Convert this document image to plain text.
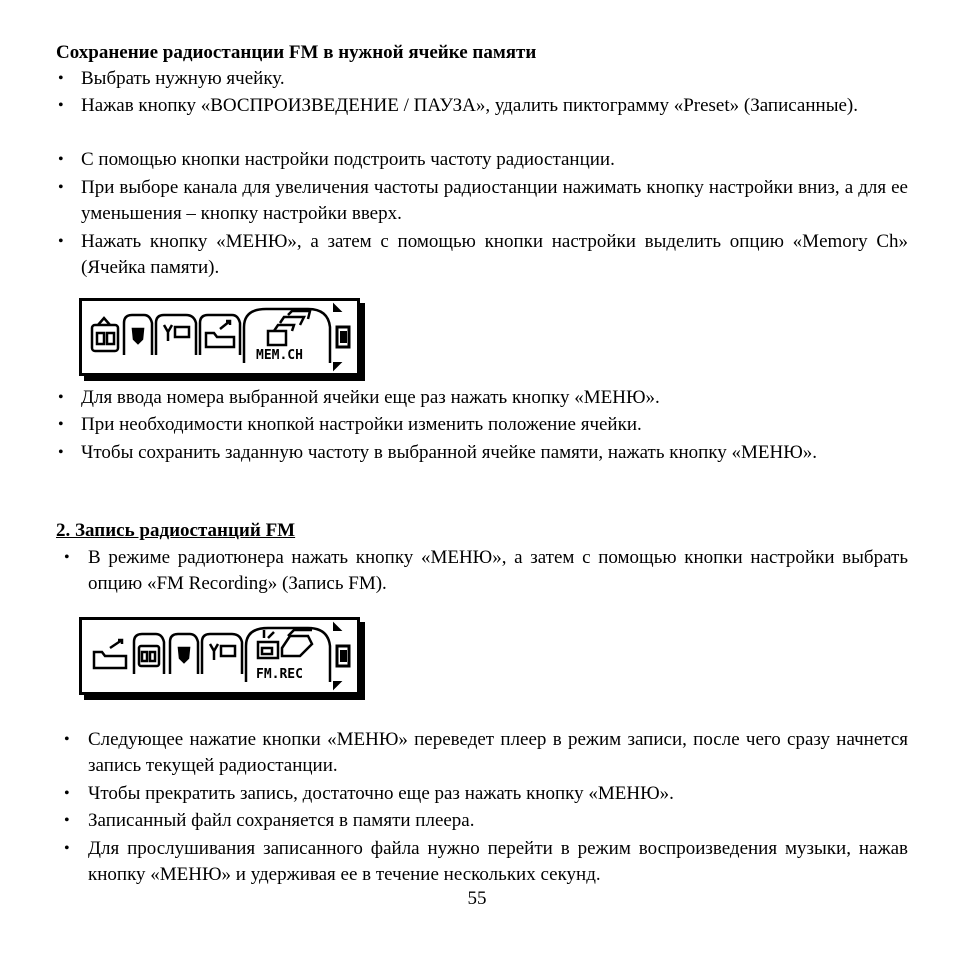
Сохранение радиостанции FM в нужной ячейке памяти
• Выбрать нужную ячейку.
• Нажав кнопку «ВОСПРОИЗВЕДЕНИЕ / ПАУЗА», удалить пиктограмму «Preset» (Записанные).
• С помощью кнопки настройки подстроить частоту радиостанции.
• При выборе канала для увеличения частоты радиостанции нажимать кнопку настройки вниз, а для ее уменьшения – кнопку настройки вверх.
• Нажать кнопку «МЕНЮ», а затем с помощью кнопки настройки выделить опцию «Memory Ch» (Ячейка памяти).
MEM.CH
• Для ввода номера выбранной ячейки еще раз нажать кнопку «МЕНЮ».
• При необходимости кнопкой настройки изменить положение ячейки.
• Чтобы сохранить заданную частоту в выбранной ячейке памяти, нажать кнопку «МЕНЮ».
2. Запись радиостанций FM
• В режиме радиотюнера нажать кнопку «МЕНЮ», а затем с помощью кнопки настройки выбрать опцию «FM Recording» (Запись FM).
FM.REC
• Следующее нажатие кнопки «МЕНЮ» переведет плеер в режим записи, после чего сразу начнется запись текущей радиостанции.
• Чтобы прекратить запись, достаточно еще раз нажать кнопку «МЕНЮ».
• Записанный файл сохраняется в памяти плеера.
• Для прослушивания записанного файла нужно перейти в режим воспроизведения музыки, нажав кнопку «МЕНЮ» и удерживая ее в течение нескольких секунд.
55
